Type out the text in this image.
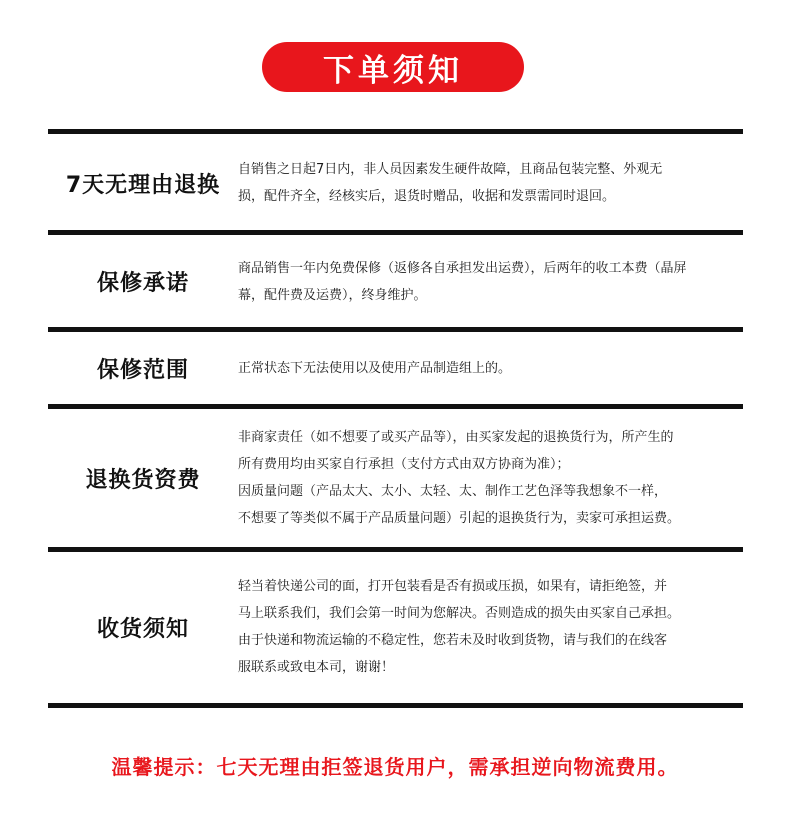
下单须知
7天无理由退换
自销售之日起7日内，非人员因素发生硬件故障，且商品包装完整、外观无
损，配件齐全，经核实后，退货时赠品，收据和发票需同时退回。
保修承诺
商品销售一年内免费保修（返修各自承担发出运费），后两年的收工本费（晶屏
幕，配件费及运费），终身维护。
保修范围	正常状态下无法使用以及使用产品制造组上的。
退换货资费
非商家责任（如不想要了或买产品等），由买家发起的退换货行为，所产生的
所有费用均由买家自行承担（支付方式由双方协商为准）；
因质量问题（产品太大、太小、太轻、太、制作工艺色泽等我想象不一样，
不想要了等类似不属于产品质量问题）引起的退换货行为，卖家可承担运费。
收货须知
轻当着快递公司的面，打开包装看是否有损或压损，如果有，请拒绝签，并
马上联系我们，我们会第一时间为您解决。否则造成的损失由买家自己承担。
由于快递和物流运输的不稳定性，您若未及时收到货物，请与我们的在线客
服联系或致电本司，谢谢！
温馨提示：七天无理由拒签退货用户，需承担逆向物流费用。
